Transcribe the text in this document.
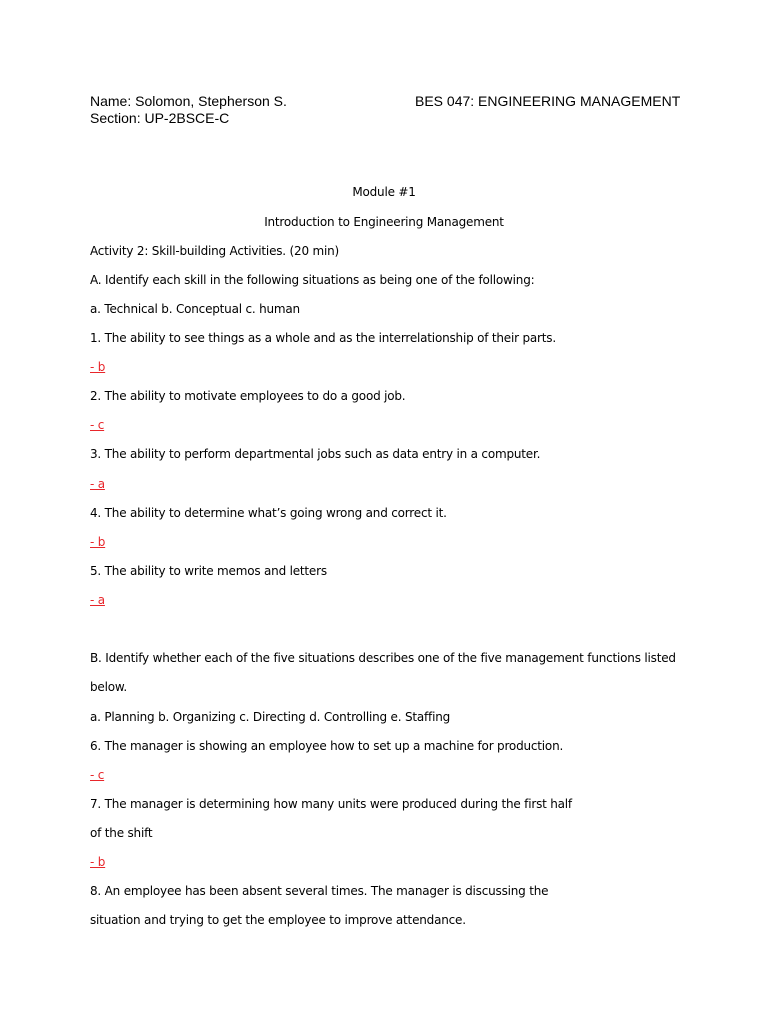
Name: Solomon, Stepherson S.
Section: UP-2BSCE-C
BES 047: ENGINEERING MANAGEMENT
Module #1
Introduction to Engineering Management
Activity 2: Skill-building Activities. (20 min)
A. Identify each skill in the following situations as being one of the following:
a. Technical b. Conceptual c. human
1. The ability to see things as a whole and as the interrelationship of their parts.
- b
2. The ability to motivate employees to do a good job.
- c
3. The ability to perform departmental jobs such as data entry in a computer.
- a
4. The ability to determine what’s going wrong and correct it.
- b
5. The ability to write memos and letters
- a
B. Identify whether each of the five situations describes one of the five management functions listed
below.
a. Planning b. Organizing c. Directing d. Controlling e. Staffing
6. The manager is showing an employee how to set up a machine for production.
- c
7. The manager is determining how many units were produced during the first half
of the shift
- b
8. An employee has been absent several times. The manager is discussing the
situation and trying to get the employee to improve attendance.
